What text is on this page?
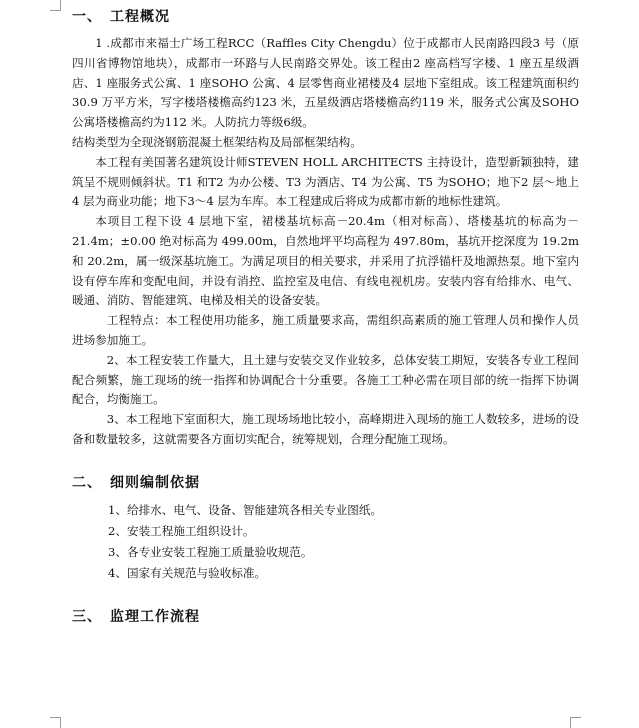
一、 工程概况

1 .成都市来福士广场工程RCC（Raffles City Chengdu）位于成都市人民南路四段3 号（原四川省博物馆地块），成都市一环路与人民南路交界处。该工程由2 座高档写字楼、1 座五星级酒店、1 座服务式公寓、1 座SOHO 公寓、4 层零售商业裙楼及4 层地下室组成。该工程建筑面积约30.9 万平方米，写字楼塔楼檐高约123 米，五星级酒店塔楼檐高约119 米，服务式公寓及SOHO 公寓塔楼檐高约为112 米。人防抗力等级6级。

结构类型为全现浇钢筋混凝土框架结构及局部框架结构。

本工程有美国著名建筑设计师STEVEN HOLL ARCHITECTS 主持设计，造型新颖独特，建筑呈不规则倾斜状。T1 和T2 为办公楼、T3 为酒店、T4 为公寓、T5 为SOHO；地下2 层～地上4 层为商业功能；地下3～4 层为车库。本工程建成后将成为成都市新的地标性建筑。

本项目工程下设 4 层地下室，裙楼基坑标高－20.4m（相对标高）、塔楼基坑的标高为－21.4m；±0.00 绝对标高为 499.00m，自然地坪平均高程为 497.80m，基坑开挖深度为 19.2m 和 20.2m，属一级深基坑施工。为满足项目的相关要求，并采用了抗浮锚杆及地源热泵。地下室内设有停车库和变配电间，并设有消控、监控室及电信、有线电视机房。安装内容有给排水、电气、暖通、消防、智能建筑、电梯及相关的设备安装。

工程特点：本工程使用功能多，施工质量要求高，需组织高素质的施工管理人员和操作人员进场参加施工。

2、本工程安装工作量大，且土建与安装交叉作业较多，总体安装工期短，安装各专业工程间配合频繁，施工现场的统一指挥和协调配合十分重要。各施工工种必需在项目部的统一指挥下协调配合，均衡施工。

3、本工程地下室面积大，施工现场场地比较小，高峰期进入现场的施工人数较多，进场的设备和数量较多，这就需要各方面切实配合，统筹规划，合理分配施工现场。

二、 细则编制依据
1、给排水、电气、设备、智能建筑各相关专业图纸。
2、安装工程施工组织设计。
3、各专业安装工程施工质量验收规范。
4、国家有关规范与验收标准。
三、 监理工作流程
